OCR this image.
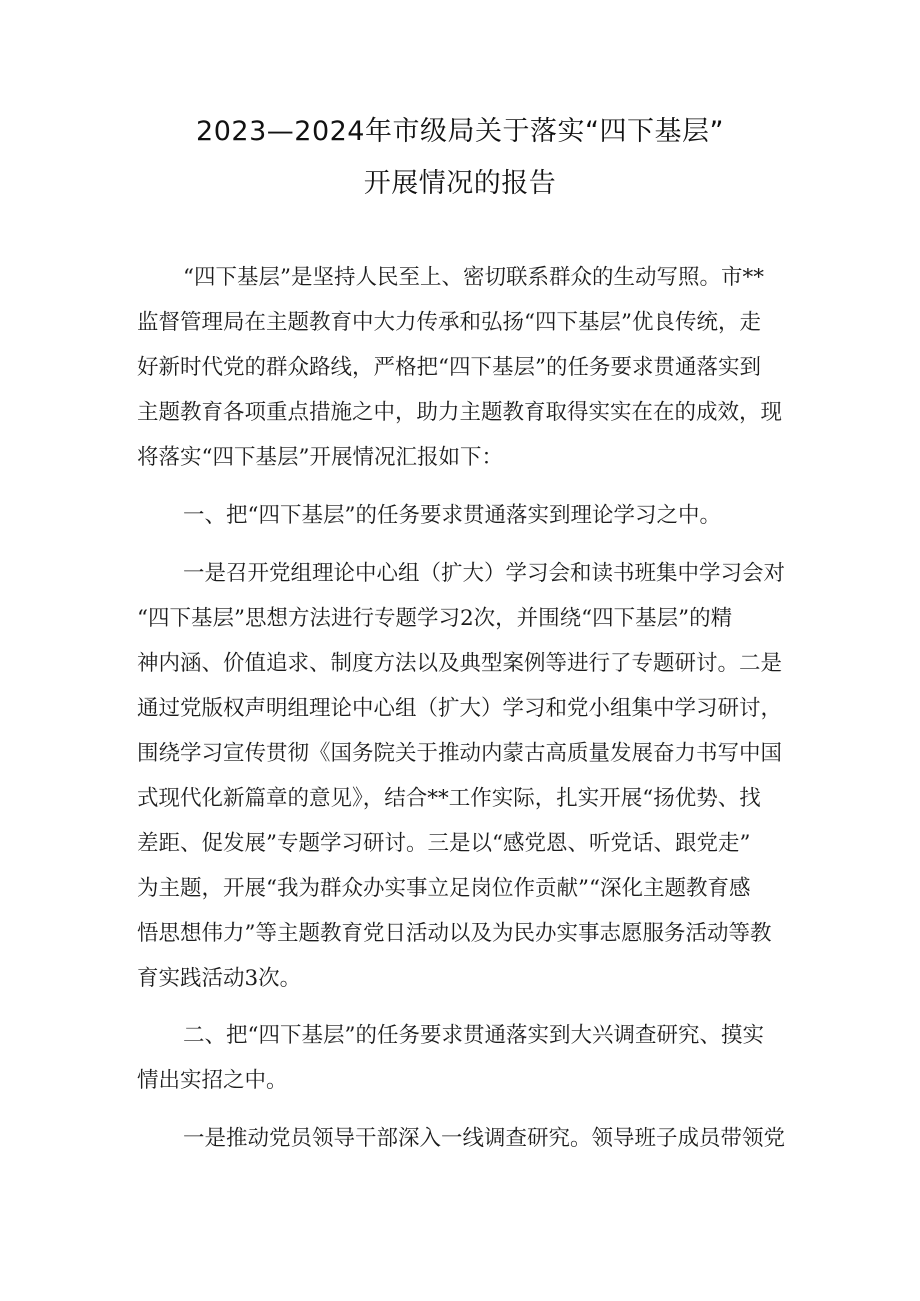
2023—2024年市级局关于落实“四下基层”
开展情况的报告
“四下基层”是坚持人民至上、密切联系群众的生动写照。市**
监督管理局在主题教育中大力传承和弘扬“四下基层”优良传统，走
好新时代党的群众路线，严格把“四下基层”的任务要求贯通落实到
主题教育各项重点措施之中，助力主题教育取得实实在在的成效，现
将落实“四下基层”开展情况汇报如下：
一、把“四下基层”的任务要求贯通落实到理论学习之中。
一是召开党组理论中心组（扩大）学习会和读书班集中学习会对
“四下基层”思想方法进行专题学习2次，并围绕“四下基层”的精
神内涵、价值追求、制度方法以及典型案例等进行了专题研讨。二是
通过党版权声明组理论中心组（扩大）学习和党小组集中学习研讨，
围绕学习宣传贯彻《国务院关于推动内蒙古高质量发展奋力书写中国
式现代化新篇章的意见》，结合**工作实际，扎实开展“扬优势、找
差距、促发展”专题学习研讨。三是以“感党恩、听党话、跟党走”
为主题，开展“我为群众办实事立足岗位作贡献”“深化主题教育感
悟思想伟力”等主题教育党日活动以及为民办实事志愿服务活动等教
育实践活动3次。
二、把“四下基层”的任务要求贯通落实到大兴调查研究、摸实
情出实招之中。
一是推动党员领导干部深入一线调查研究。领导班子成员带领党
